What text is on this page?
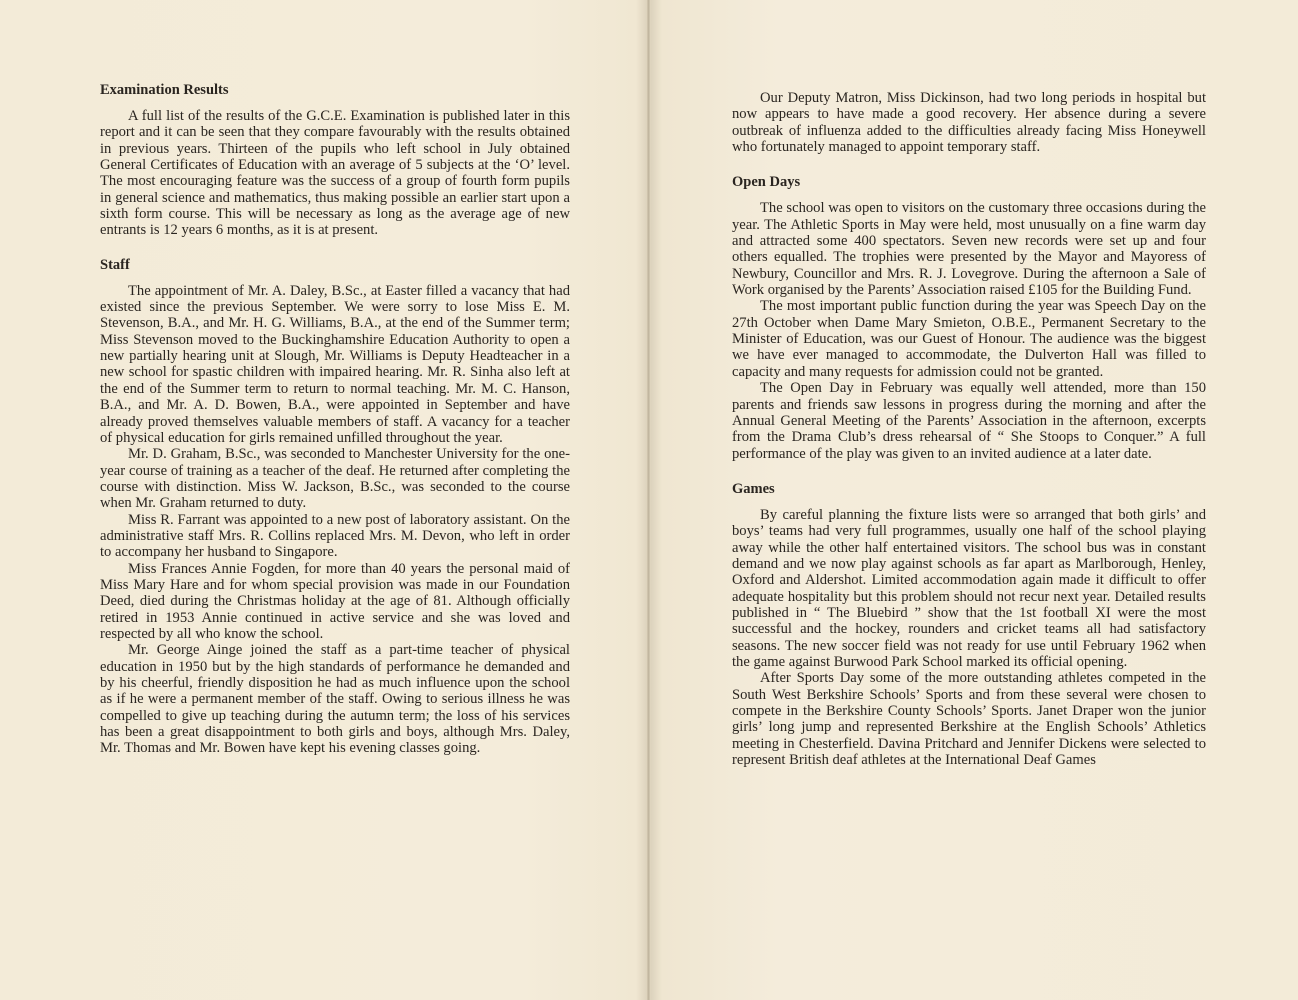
Examination Results

A full list of the results of the G.C.E. Examination is published later in this report and it can be seen that they compare favourably with the results obtained in previous years. Thirteen of the pupils who left school in July obtained General Certificates of Education with an average of 5 subjects at the ‘O’ level. The most encouraging feature was the success of a group of fourth form pupils in general science and mathematics, thus making possible an earlier start upon a sixth form course. This will be necessary as long as the average age of new entrants is 12 years 6 months, as it is at present.

Staff

The appointment of Mr. A. Daley, B.Sc., at Easter filled a vacancy that had existed since the previous September. We were sorry to lose Miss E. M. Stevenson, B.A., and Mr. H. G. Williams, B.A., at the end of the Summer term; Miss Stevenson moved to the Buckinghamshire Education Authority to open a new partially hearing unit at Slough, Mr. Williams is Deputy Headteacher in a new school for spastic children with impaired hearing. Mr. R. Sinha also left at the end of the Summer term to return to normal teaching. Mr. M. C. Hanson, B.A., and Mr. A. D. Bowen, B.A., were appointed in September and have already proved themselves valuable members of staff. A vacancy for a teacher of physical education for girls remained unfilled throughout the year.

Mr. D. Graham, B.Sc., was seconded to Manchester University for the one-year course of training as a teacher of the deaf. He returned after completing the course with distinction. Miss W. Jackson, B.Sc., was seconded to the course when Mr. Graham returned to duty.

Miss R. Farrant was appointed to a new post of laboratory assistant. On the administrative staff Mrs. R. Collins replaced Mrs. M. Devon, who left in order to accompany her husband to Singapore.

Miss Frances Annie Fogden, for more than 40 years the personal maid of Miss Mary Hare and for whom special provision was made in our Foundation Deed, died during the Christmas holiday at the age of 81. Although officially retired in 1953 Annie continued in active service and she was loved and respected by all who know the school.

Mr. George Ainge joined the staff as a part-time teacher of physical education in 1950 but by the high standards of performance he demanded and by his cheerful, friendly disposition he had as much influence upon the school as if he were a permanent member of the staff. Owing to serious illness he was compelled to give up teaching during the autumn term; the loss of his services has been a great disappointment to both girls and boys, although Mrs. Daley, Mr. Thomas and Mr. Bowen have kept his evening classes going.

Our Deputy Matron, Miss Dickinson, had two long periods in hospital but now appears to have made a good recovery. Her absence during a severe outbreak of influenza added to the difficulties already facing Miss Honeywell who fortunately managed to appoint temporary staff.

Open Days

The school was open to visitors on the customary three occasions during the year. The Athletic Sports in May were held, most unusually on a fine warm day and attracted some 400 spectators. Seven new records were set up and four others equalled. The trophies were presented by the Mayor and Mayoress of Newbury, Councillor and Mrs. R. J. Lovegrove. During the afternoon a Sale of Work organised by the Parents’ Association raised £105 for the Building Fund.

The most important public function during the year was Speech Day on the 27th October when Dame Mary Smieton, O.B.E., Permanent Secretary to the Minister of Education, was our Guest of Honour. The audience was the biggest we have ever managed to accommodate, the Dulverton Hall was filled to capacity and many requests for admission could not be granted.

The Open Day in February was equally well attended, more than 150 parents and friends saw lessons in progress during the morning and after the Annual General Meeting of the Parents’ Association in the afternoon, excerpts from the Drama Club’s dress rehearsal of “ She Stoops to Conquer.” A full performance of the play was given to an invited audience at a later date.

Games

By careful planning the fixture lists were so arranged that both girls’ and boys’ teams had very full programmes, usually one half of the school playing away while the other half entertained visitors. The school bus was in constant demand and we now play against schools as far apart as Marlborough, Henley, Oxford and Aldershot. Limited accommodation again made it difficult to offer adequate hospitality but this problem should not recur next year. Detailed results published in “ The Bluebird ” show that the 1st football XI were the most successful and the hockey, rounders and cricket teams all had satisfactory seasons. The new soccer field was not ready for use until February 1962 when the game against Burwood Park School marked its official opening.

After Sports Day some of the more outstanding athletes competed in the South West Berkshire Schools’ Sports and from these several were chosen to compete in the Berkshire County Schools’ Sports. Janet Draper won the junior girls’ long jump and represented Berkshire at the English Schools’ Athletics meeting in Chesterfield. Davina Pritchard and Jennifer Dickens were selected to represent British deaf athletes at the International Deaf Games
